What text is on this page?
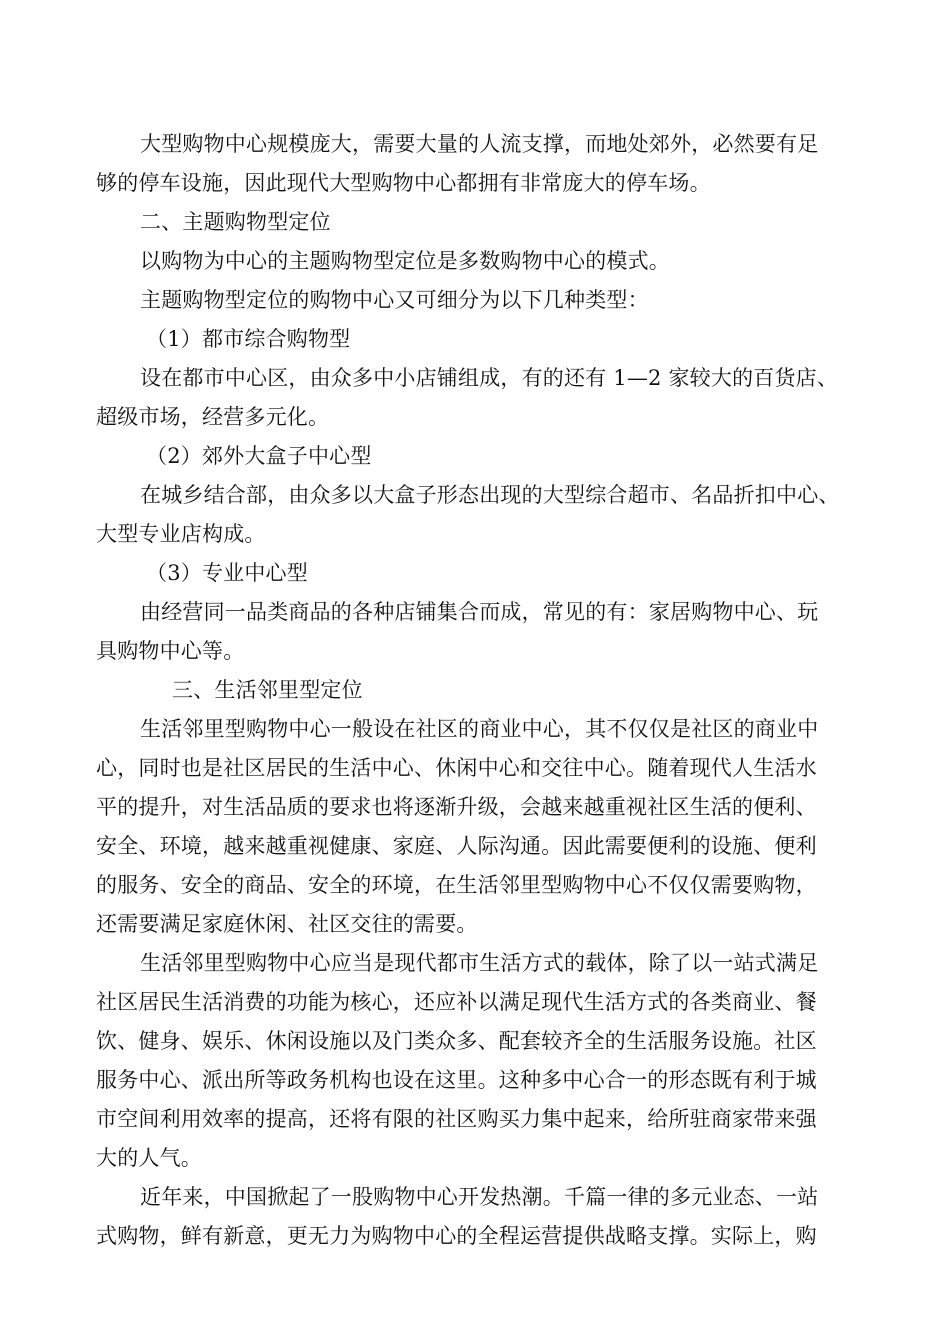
大型购物中心规模庞大，需要大量的人流支撑，而地处郊外，必然要有足
够的停车设施，因此现代大型购物中心都拥有非常庞大的停车场。
二、主题购物型定位
以购物为中心的主题购物型定位是多数购物中心的模式。
主题购物型定位的购物中心又可细分为以下几种类型：
（1）都市综合购物型
设在都市中心区，由众多中小店铺组成，有的还有 1—2 家较大的百货店、
超级市场，经营多元化。
（2）郊外大盒子中心型
在城乡结合部，由众多以大盒子形态出现的大型综合超市、名品折扣中心、
大型专业店构成。
（3）专业中心型
由经营同一品类商品的各种店铺集合而成，常见的有：家居购物中心、玩
具购物中心等。
三、生活邻里型定位
生活邻里型购物中心一般设在社区的商业中心，其不仅仅是社区的商业中
心，同时也是社区居民的生活中心、休闲中心和交往中心。随着现代人生活水
平的提升，对生活品质的要求也将逐渐升级，会越来越重视社区生活的便利、
安全、环境，越来越重视健康、家庭、人际沟通。因此需要便利的设施、便利
的服务、安全的商品、安全的环境，在生活邻里型购物中心不仅仅需要购物，
还需要满足家庭休闲、社区交往的需要。
生活邻里型购物中心应当是现代都市生活方式的载体，除了以一站式满足
社区居民生活消费的功能为核心，还应补以满足现代生活方式的各类商业、餐
饮、健身、娱乐、休闲设施以及门类众多、配套较齐全的生活服务设施。社区
服务中心、派出所等政务机构也设在这里。这种多中心合一的形态既有利于城
市空间利用效率的提高，还将有限的社区购买力集中起来，给所驻商家带来强
大的人气。
近年来，中国掀起了一股购物中心开发热潮。千篇一律的多元业态、一站
式购物，鲜有新意，更无力为购物中心的全程运营提供战略支撑。实际上，购
